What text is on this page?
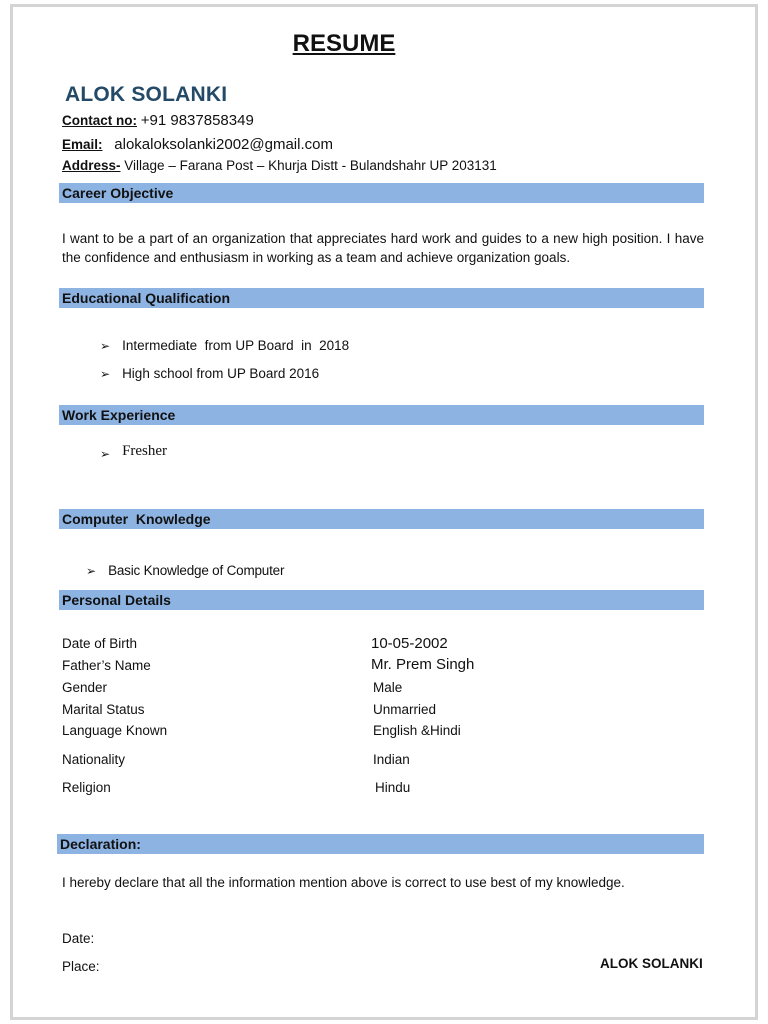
RESUME
ALOK SOLANKI
Contact no: +91 9837858349
Email: alokaloksolanki2002@gmail.com
Address- Village – Farana Post – Khurja Distt - Bulandshahr UP 203131
Career Objective
I want to be a part of an organization that appreciates hard work and guides to a new high position. I have the confidence and enthusiasm in working as a team and achieve organization goals.
Educational Qualification
➢ Intermediate  from UP Board  in  2018
➢ High school from UP Board 2016
Work Experience
➢ Fresher
Computer  Knowledge
➢ Basic Knowledge of Computer
Personal Details
Date of Birth	10-05-2002
Father’s Name	Mr. Prem Singh
Gender	Male
Marital Status	Unmarried
Language Known	English &Hindi
Nationality	Indian
Religion	Hindu
Declaration:
I hereby declare that all the information mention above is correct to use best of my knowledge.
Date:
Place:	ALOK SOLANKI
